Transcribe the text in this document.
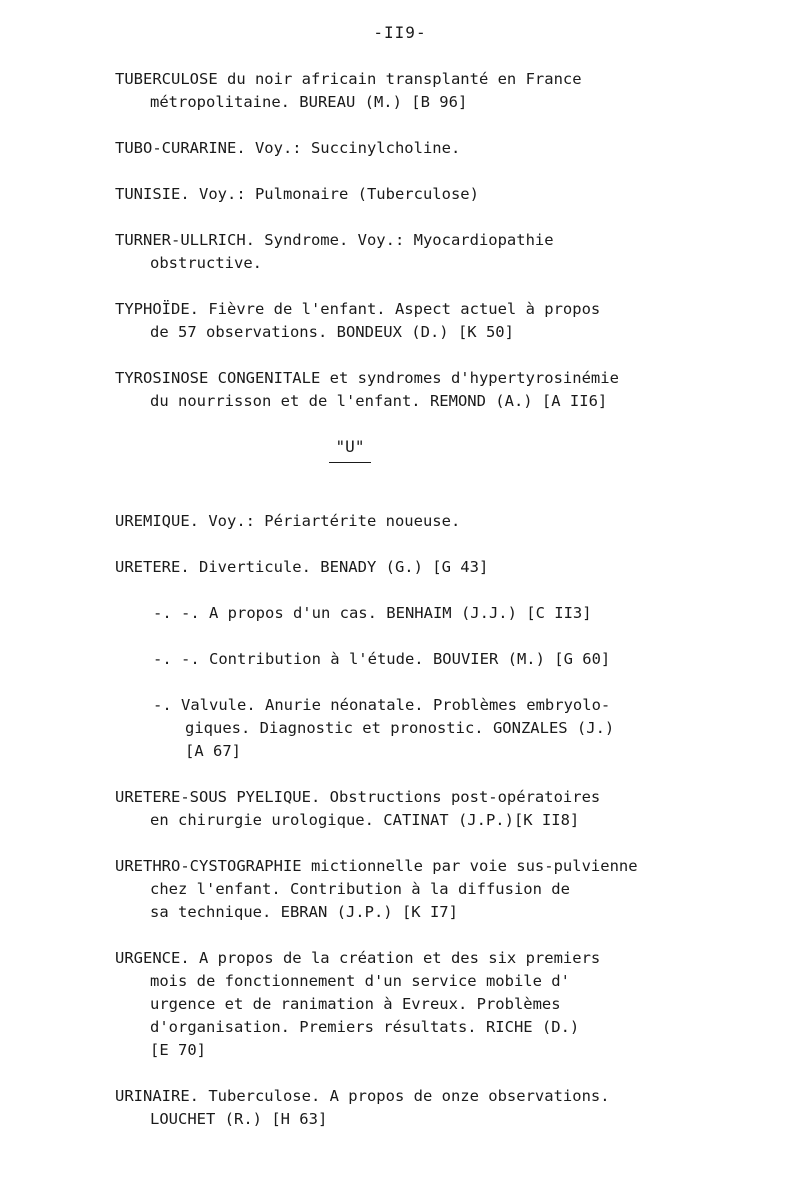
-II9-
TUBERCULOSE du noir africain transplanté en France
métropolitaine. BUREAU (M.) [B 96]
TUBO-CURARINE. Voy.: Succinylcholine.
TUNISIE. Voy.: Pulmonaire (Tuberculose)
TURNER-ULLRICH. Syndrome. Voy.: Myocardiopathie
obstructive.
TYPHOÏDE. Fièvre de l'enfant. Aspect actuel à propos
de 57 observations. BONDEUX (D.) [K 50]
TYROSINOSE CONGENITALE et syndromes d'hypertyrosinémie
du nourrisson et de l'enfant. REMOND (A.) [A II6]
"U"
UREMIQUE. Voy.: Périartérite noueuse.
URETERE. Diverticule. BENADY (G.) [G 43]
-. -. A propos d'un cas. BENHAIM (J.J.) [C II3]
-. -. Contribution à l'étude. BOUVIER (M.) [G 60]
-. Valvule. Anurie néonatale. Problèmes embryolo-
giques. Diagnostic et pronostic. GONZALES (J.)
[A 67]
URETERE-SOUS PYELIQUE. Obstructions post-opératoires
en chirurgie urologique. CATINAT (J.P.)[K II8]
URETHRO-CYSTOGRAPHIE mictionnelle par voie sus-pulvienne
chez l'enfant. Contribution à la diffusion de
sa technique. EBRAN (J.P.) [K I7]
URGENCE. A propos de la création et des six premiers
mois de fonctionnement d'un service mobile d'
urgence et de ranimation à Evreux. Problèmes
d'organisation. Premiers résultats. RICHE (D.)
[E 70]
URINAIRE. Tuberculose. A propos de onze observations.
LOUCHET (R.) [H 63]
